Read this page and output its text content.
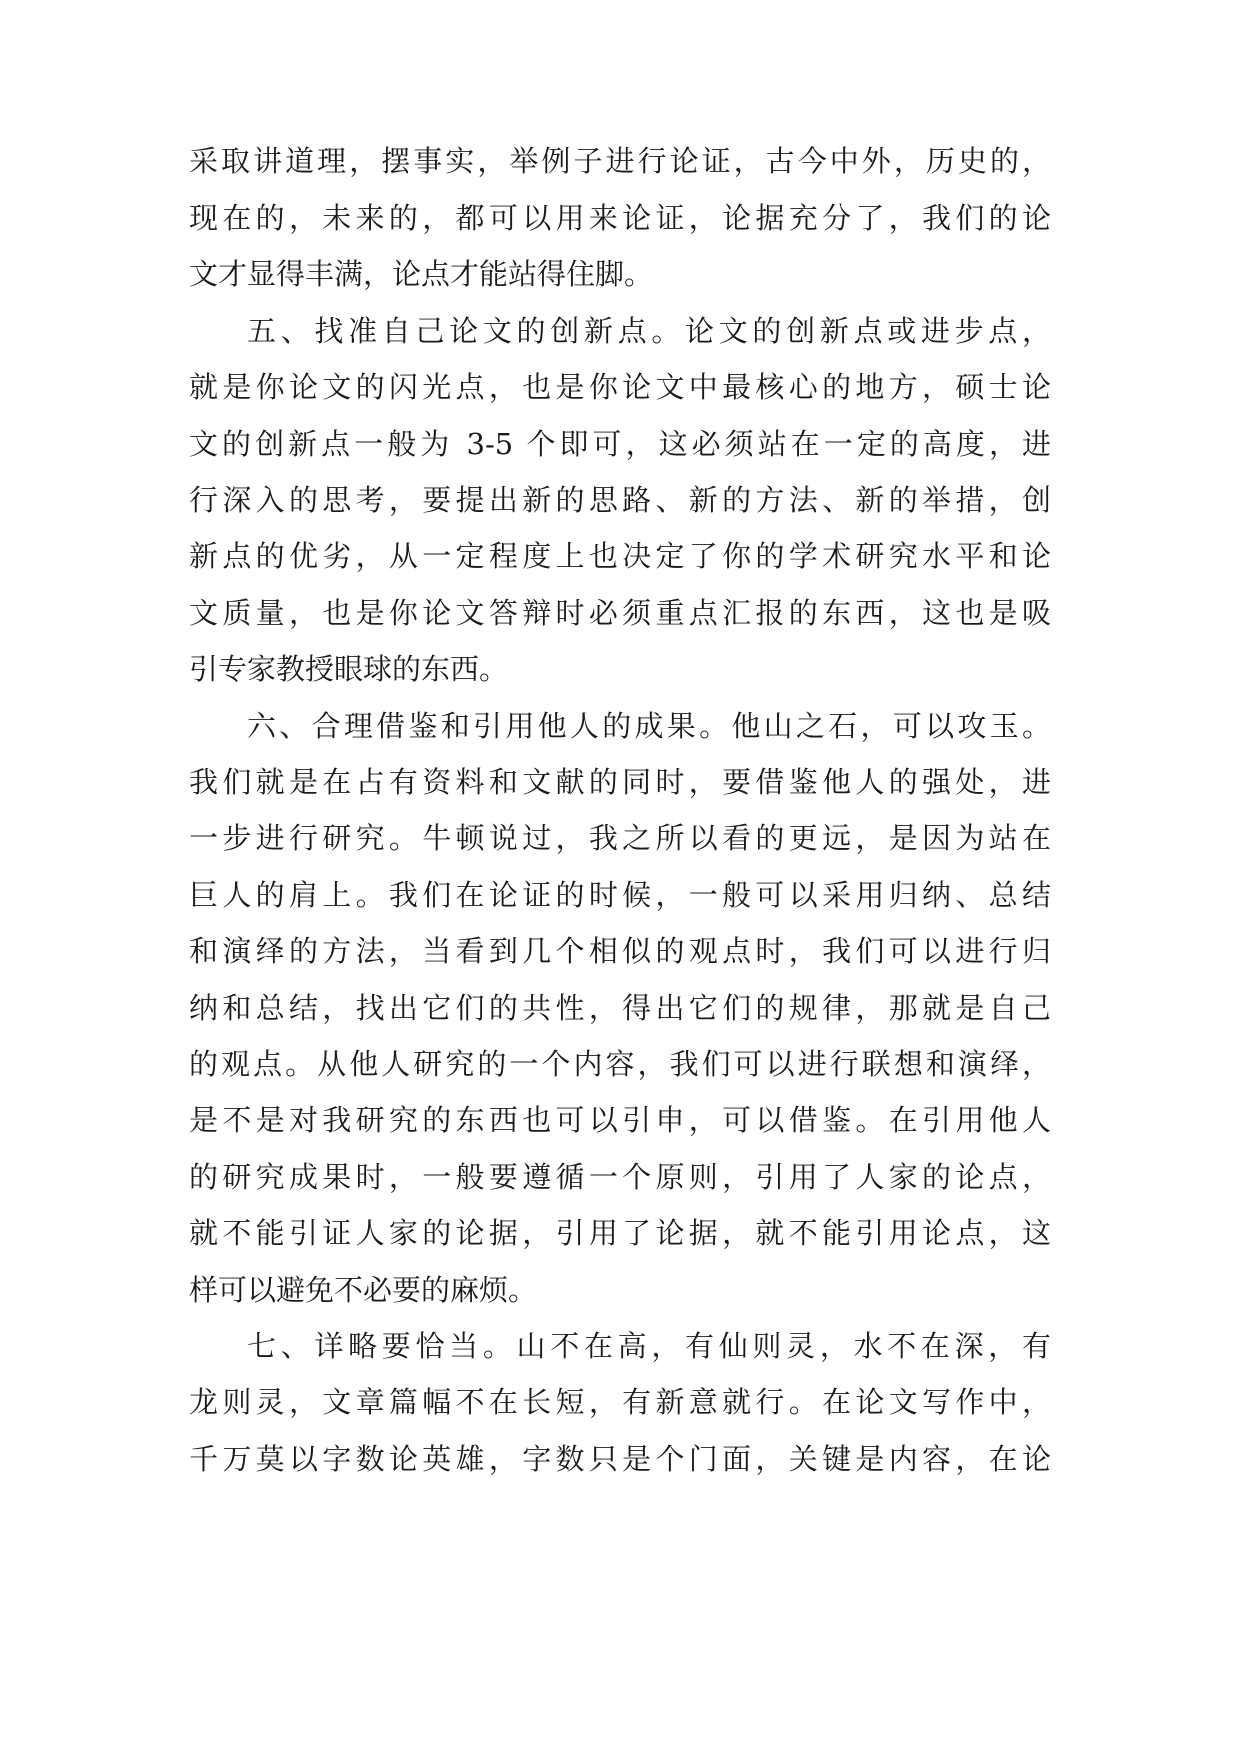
采取讲道理，摆事实，举例子进行论证，古今中外，历史的，
现在的，未来的，都可以用来论证，论据充分了，我们的论
文才显得丰满，论点才能站得住脚。
五、找准自己论文的创新点。论文的创新点或进步点，
就是你论文的闪光点，也是你论文中最核心的地方，硕士论
文的创新点一般为 3-5 个即可，这必须站在一定的高度，进
行深入的思考，要提出新的思路、新的方法、新的举措，创
新点的优劣，从一定程度上也决定了你的学术研究水平和论
文质量，也是你论文答辩时必须重点汇报的东西，这也是吸
引专家教授眼球的东西。
六、合理借鉴和引用他人的成果。他山之石，可以攻玉。
我们就是在占有资料和文献的同时，要借鉴他人的强处，进
一步进行研究。牛顿说过，我之所以看的更远，是因为站在
巨人的肩上。我们在论证的时候，一般可以采用归纳、总结
和演绎的方法，当看到几个相似的观点时，我们可以进行归
纳和总结，找出它们的共性，得出它们的规律，那就是自己
的观点。从他人研究的一个内容，我们可以进行联想和演绎，
是不是对我研究的东西也可以引申，可以借鉴。在引用他人
的研究成果时，一般要遵循一个原则，引用了人家的论点，
就不能引证人家的论据，引用了论据，就不能引用论点，这
样可以避免不必要的麻烦。
七、详略要恰当。山不在高，有仙则灵，水不在深，有
龙则灵，文章篇幅不在长短，有新意就行。在论文写作中，
千万莫以字数论英雄，字数只是个门面，关键是内容，在论
